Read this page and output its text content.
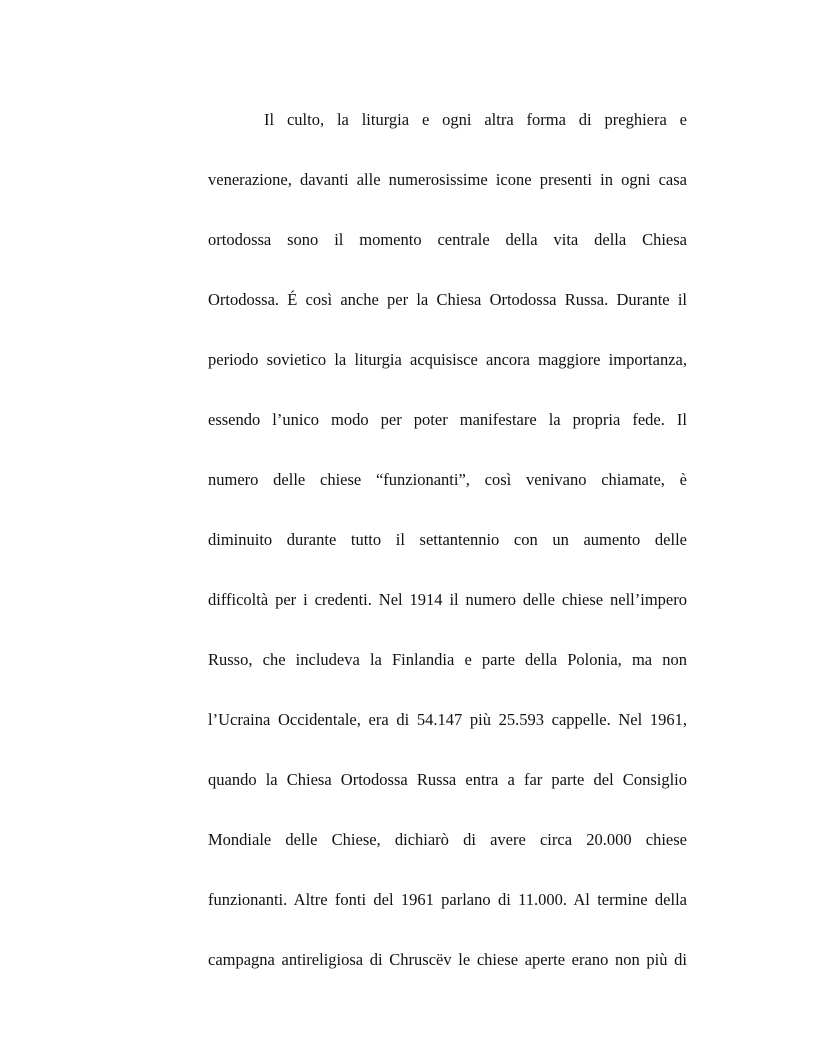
Il culto, la liturgia e ogni altra forma di preghiera e
venerazione, davanti alle numerosissime icone presenti in ogni casa
ortodossa sono il momento centrale della vita della Chiesa
Ortodossa. É così anche per la Chiesa Ortodossa Russa. Durante il
periodo sovietico la liturgia acquisisce ancora maggiore importanza,
essendo l’unico modo per poter manifestare la propria fede. Il
numero delle chiese “funzionanti”, così venivano chiamate, è
diminuito durante tutto il settantennio con un aumento delle
difficoltà per i credenti. Nel 1914 il numero delle chiese nell’impero
Russo, che includeva la Finlandia e parte della Polonia, ma non
l’Ucraina Occidentale, era di 54.147 più 25.593 cappelle. Nel 1961,
quando la Chiesa Ortodossa Russa entra a far parte del Consiglio
Mondiale delle Chiese, dichiarò di avere circa 20.000 chiese
funzionanti. Altre fonti del 1961 parlano di 11.000. Al termine della
campagna antireligiosa di Chruscëv le chiese aperte erano non più di
